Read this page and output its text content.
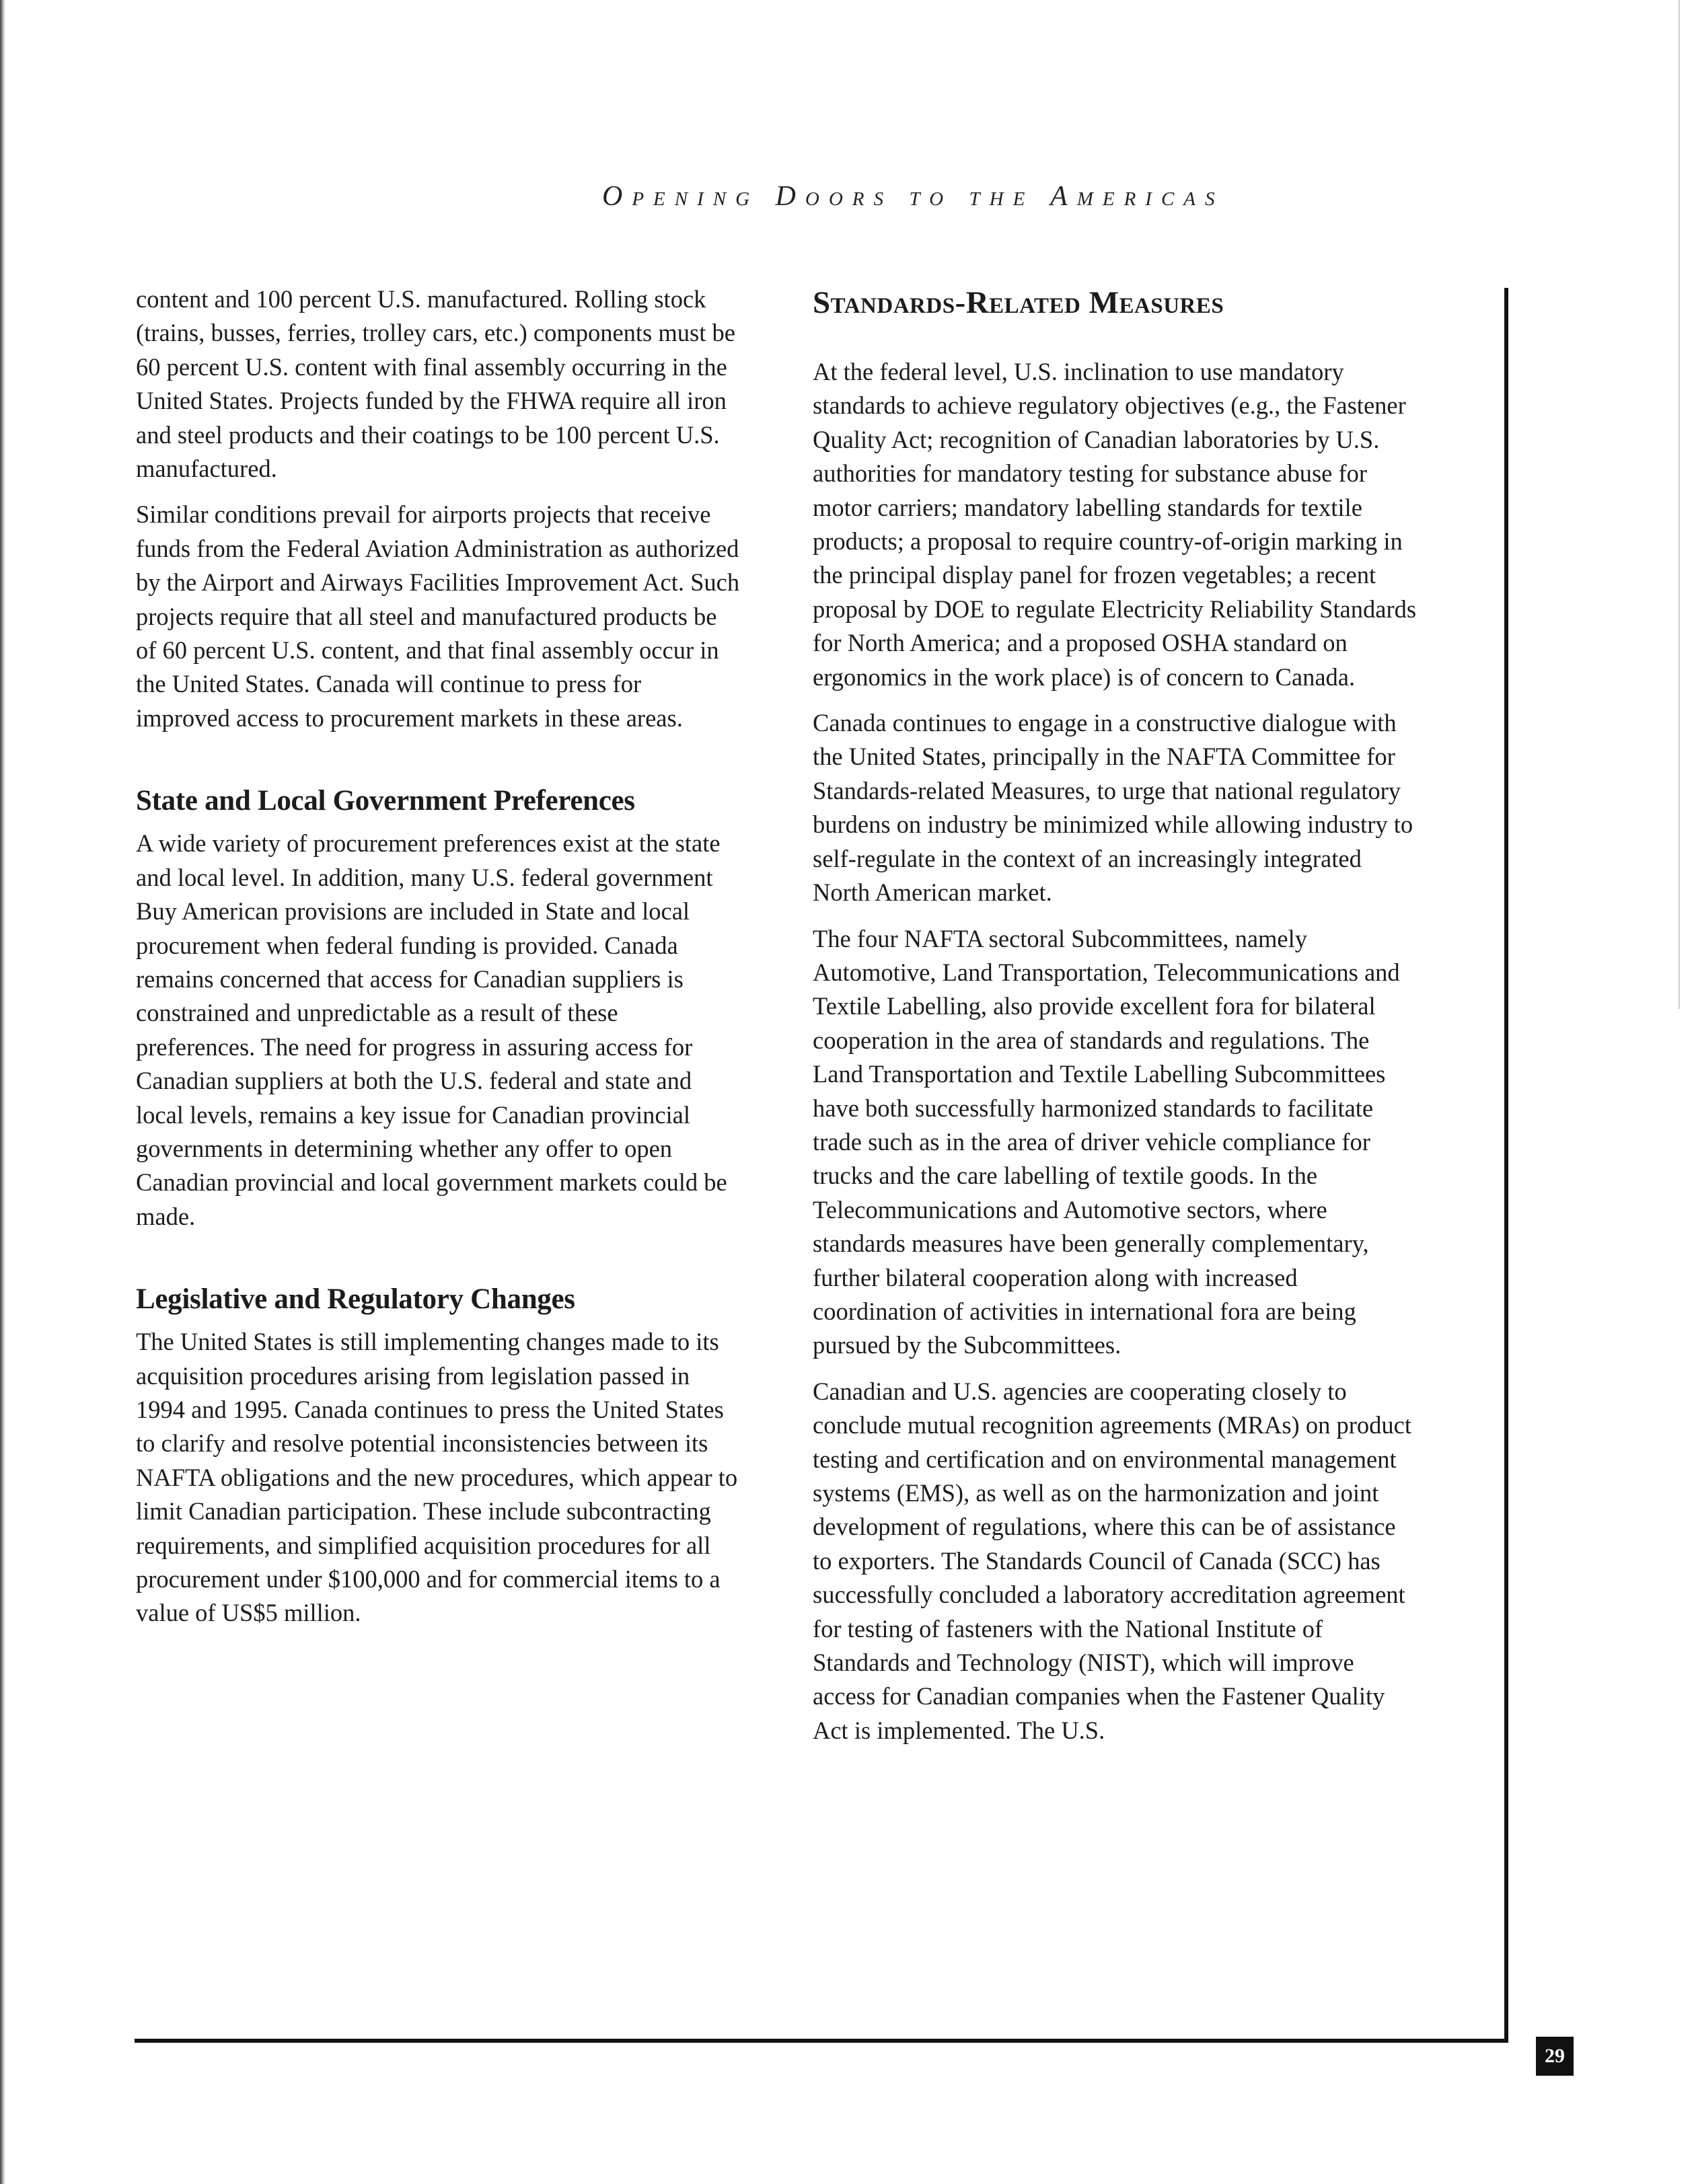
Opening Doors to the Americas

content and 100 percent U.S. manufactured. Rolling stock (trains, busses, ferries, trolley cars, etc.) components must be 60 percent U.S. content with final assembly occurring in the United States. Projects funded by the FHWA require all iron and steel products and their coatings to be 100 percent U.S. manufactured.

Similar conditions prevail for airports projects that receive funds from the Federal Aviation Administration as authorized by the Airport and Airways Facilities Improvement Act. Such projects require that all steel and manufactured products be of 60 percent U.S. content, and that final assembly occur in the United States. Canada will continue to press for improved access to procurement markets in these areas.

State and Local Government Preferences

A wide variety of procurement preferences exist at the state and local level. In addition, many U.S. federal government Buy American provisions are included in State and local procurement when federal funding is provided. Canada remains concerned that access for Canadian suppliers is constrained and unpredictable as a result of these preferences. The need for progress in assuring access for Canadian suppliers at both the U.S. federal and state and local levels, remains a key issue for Canadian provincial governments in determining whether any offer to open Canadian provincial and local government markets could be made.

Legislative and Regulatory Changes

The United States is still implementing changes made to its acquisition procedures arising from legislation passed in 1994 and 1995. Canada continues to press the United States to clarify and resolve potential inconsistencies between its NAFTA obligations and the new procedures, which appear to limit Canadian participation. These include subcontracting requirements, and simplified acquisition procedures for all procurement under $100,000 and for commercial items to a value of US$5 million.

Standards-Related Measures

At the federal level, U.S. inclination to use mandatory standards to achieve regulatory objectives (e.g., the Fastener Quality Act; recognition of Canadian laboratories by U.S. authorities for mandatory testing for substance abuse for motor carriers; mandatory labelling standards for textile products; a proposal to require country-of-origin marking in the principal display panel for frozen vegetables; a recent proposal by DOE to regulate Electricity Reliability Standards for North America; and a proposed OSHA standard on ergonomics in the work place) is of concern to Canada.

Canada continues to engage in a constructive dialogue with the United States, principally in the NAFTA Committee for Standards-related Measures, to urge that national regulatory burdens on industry be minimized while allowing industry to self-regulate in the context of an increasingly integrated North American market.

The four NAFTA sectoral Subcommittees, namely Automotive, Land Transportation, Telecommunications and Textile Labelling, also provide excellent fora for bilateral cooperation in the area of standards and regulations. The Land Transportation and Textile Labelling Subcommittees have both successfully harmonized standards to facilitate trade such as in the area of driver vehicle compliance for trucks and the care labelling of textile goods. In the Telecommunications and Automotive sectors, where standards measures have been generally complementary, further bilateral cooperation along with increased coordination of activities in international fora are being pursued by the Subcommittees.

Canadian and U.S. agencies are cooperating closely to conclude mutual recognition agreements (MRAs) on product testing and certification and on environmental management systems (EMS), as well as on the harmonization and joint development of regulations, where this can be of assistance to exporters. The Standards Council of Canada (SCC) has successfully concluded a laboratory accreditation agreement for testing of fasteners with the National Institute of Standards and Technology (NIST), which will improve access for Canadian companies when the Fastener Quality Act is implemented. The U.S.

29
